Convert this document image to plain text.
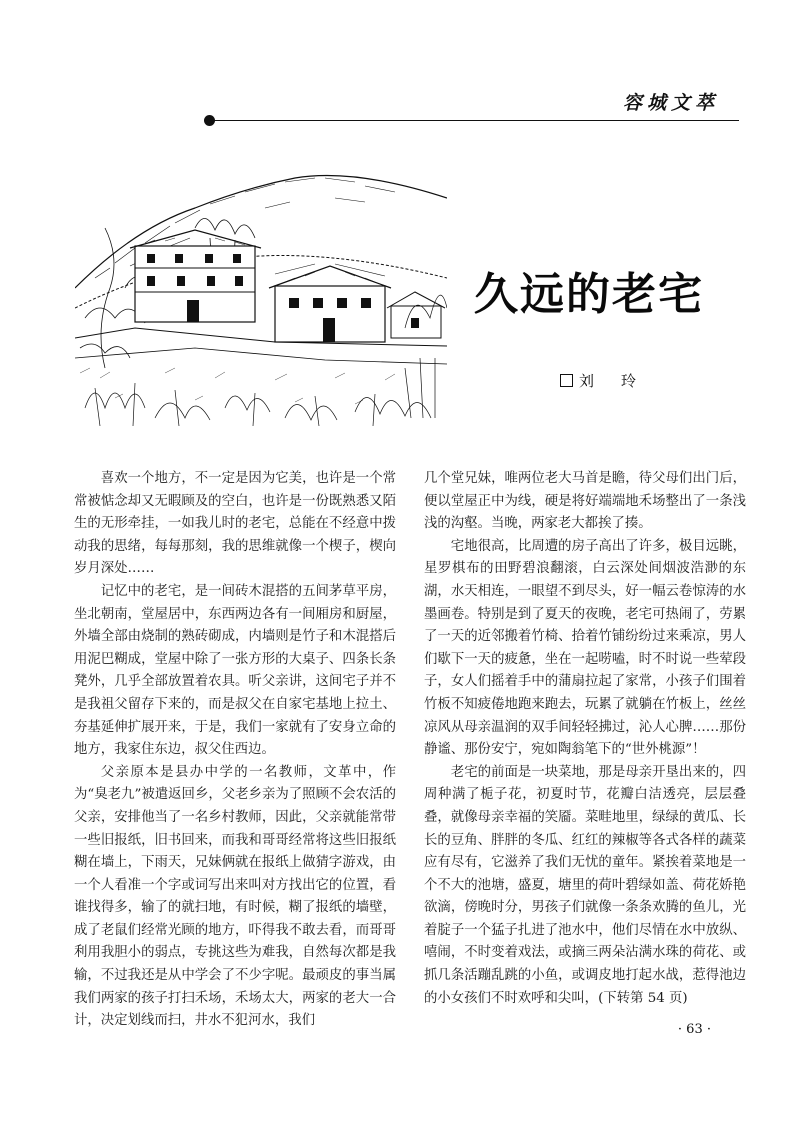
容城文萃
久远的老宅
刘　玲

喜欢一个地方，不一定是因为它美，也许是一个常常被惦念却又无暇顾及的空白，也许是一份既熟悉又陌生的无形牵挂，一如我儿时的老宅，总能在不经意中拨动我的思绪，每每那刻，我的思维就像一个楔子，楔向岁月深处……

记忆中的老宅，是一间砖木混搭的五间茅草平房，坐北朝南，堂屋居中，东西两边各有一间厢房和厨屋，外墙全部由烧制的熟砖砌成，内墙则是竹子和木混搭后用泥巴糊成，堂屋中除了一张方形的大桌子、四条长条凳外，几乎全部放置着农具。听父亲讲，这间宅子并不是我祖父留存下来的，而是叔父在自家宅基地上拉土、夯基延伸扩展开来，于是，我们一家就有了安身立命的地方，我家住东边，叔父住西边。

父亲原本是县办中学的一名教师，文革中，作为“臭老九”被遣返回乡，父老乡亲为了照顾不会农活的父亲，安排他当了一名乡村教师，因此，父亲就能常带一些旧报纸，旧书回来，而我和哥哥经常将这些旧报纸糊在墙上，下雨天，兄妹俩就在报纸上做猜字游戏，由一个人看准一个字或词写出来叫对方找出它的位置，看谁找得多，输了的就扫地，有时候，糊了报纸的墙壁，成了老鼠们经常光顾的地方，吓得我不敢去看，而哥哥利用我胆小的弱点，专挑这些为难我，自然每次都是我输，不过我还是从中学会了不少字呢。最顽皮的事当属我们两家的孩子打扫禾场，禾场太大，两家的老大一合计，决定划线而扫，井水不犯河水，我们

几个堂兄妹，唯两位老大马首是瞻，待父母们出门后，便以堂屋正中为线，硬是将好端端地禾场整出了一条浅浅的沟壑。当晚，两家老大都挨了揍。

宅地很高，比周遭的房子高出了许多，极目远眺，星罗棋布的田野碧浪翻滚，白云深处间烟波浩渺的东湖，水天相连，一眼望不到尽头，好一幅云卷惊涛的水墨画卷。特别是到了夏天的夜晚，老宅可热闹了，劳累了一天的近邻搬着竹椅、拾着竹铺纷纷过来乘凉，男人们歇下一天的疲惫，坐在一起唠嗑，时不时说一些荤段子，女人们摇着手中的蒲扇拉起了家常，小孩子们围着竹板不知疲倦地跑来跑去，玩累了就躺在竹板上，丝丝凉风从母亲温润的双手间轻轻拂过，沁人心脾……那份静谧、那份安宁，宛如陶翁笔下的“世外桃源”！

老宅的前面是一块菜地，那是母亲开垦出来的，四周种满了栀子花，初夏时节，花瓣白洁透亮，层层叠叠，就像母亲幸福的笑靥。菜畦地里，绿绿的黄瓜、长长的豆角、胖胖的冬瓜、红红的辣椒等各式各样的蔬菜应有尽有，它滋养了我们无忧的童年。紧挨着菜地是一个不大的池塘，盛夏，塘里的荷叶碧绿如盖、荷花娇艳欲滴，傍晚时分，男孩子们就像一条条欢腾的鱼儿，光着腚子一个猛子扎进了池水中，他们尽情在水中放纵、嘻闹，不时变着戏法，或摘三两朵沾满水珠的荷花、或抓几条活蹦乱跳的小鱼，或调皮地打起水战，惹得池边的小女孩们不时欢呼和尖叫，(下转第 54 页)

· 63 ·
